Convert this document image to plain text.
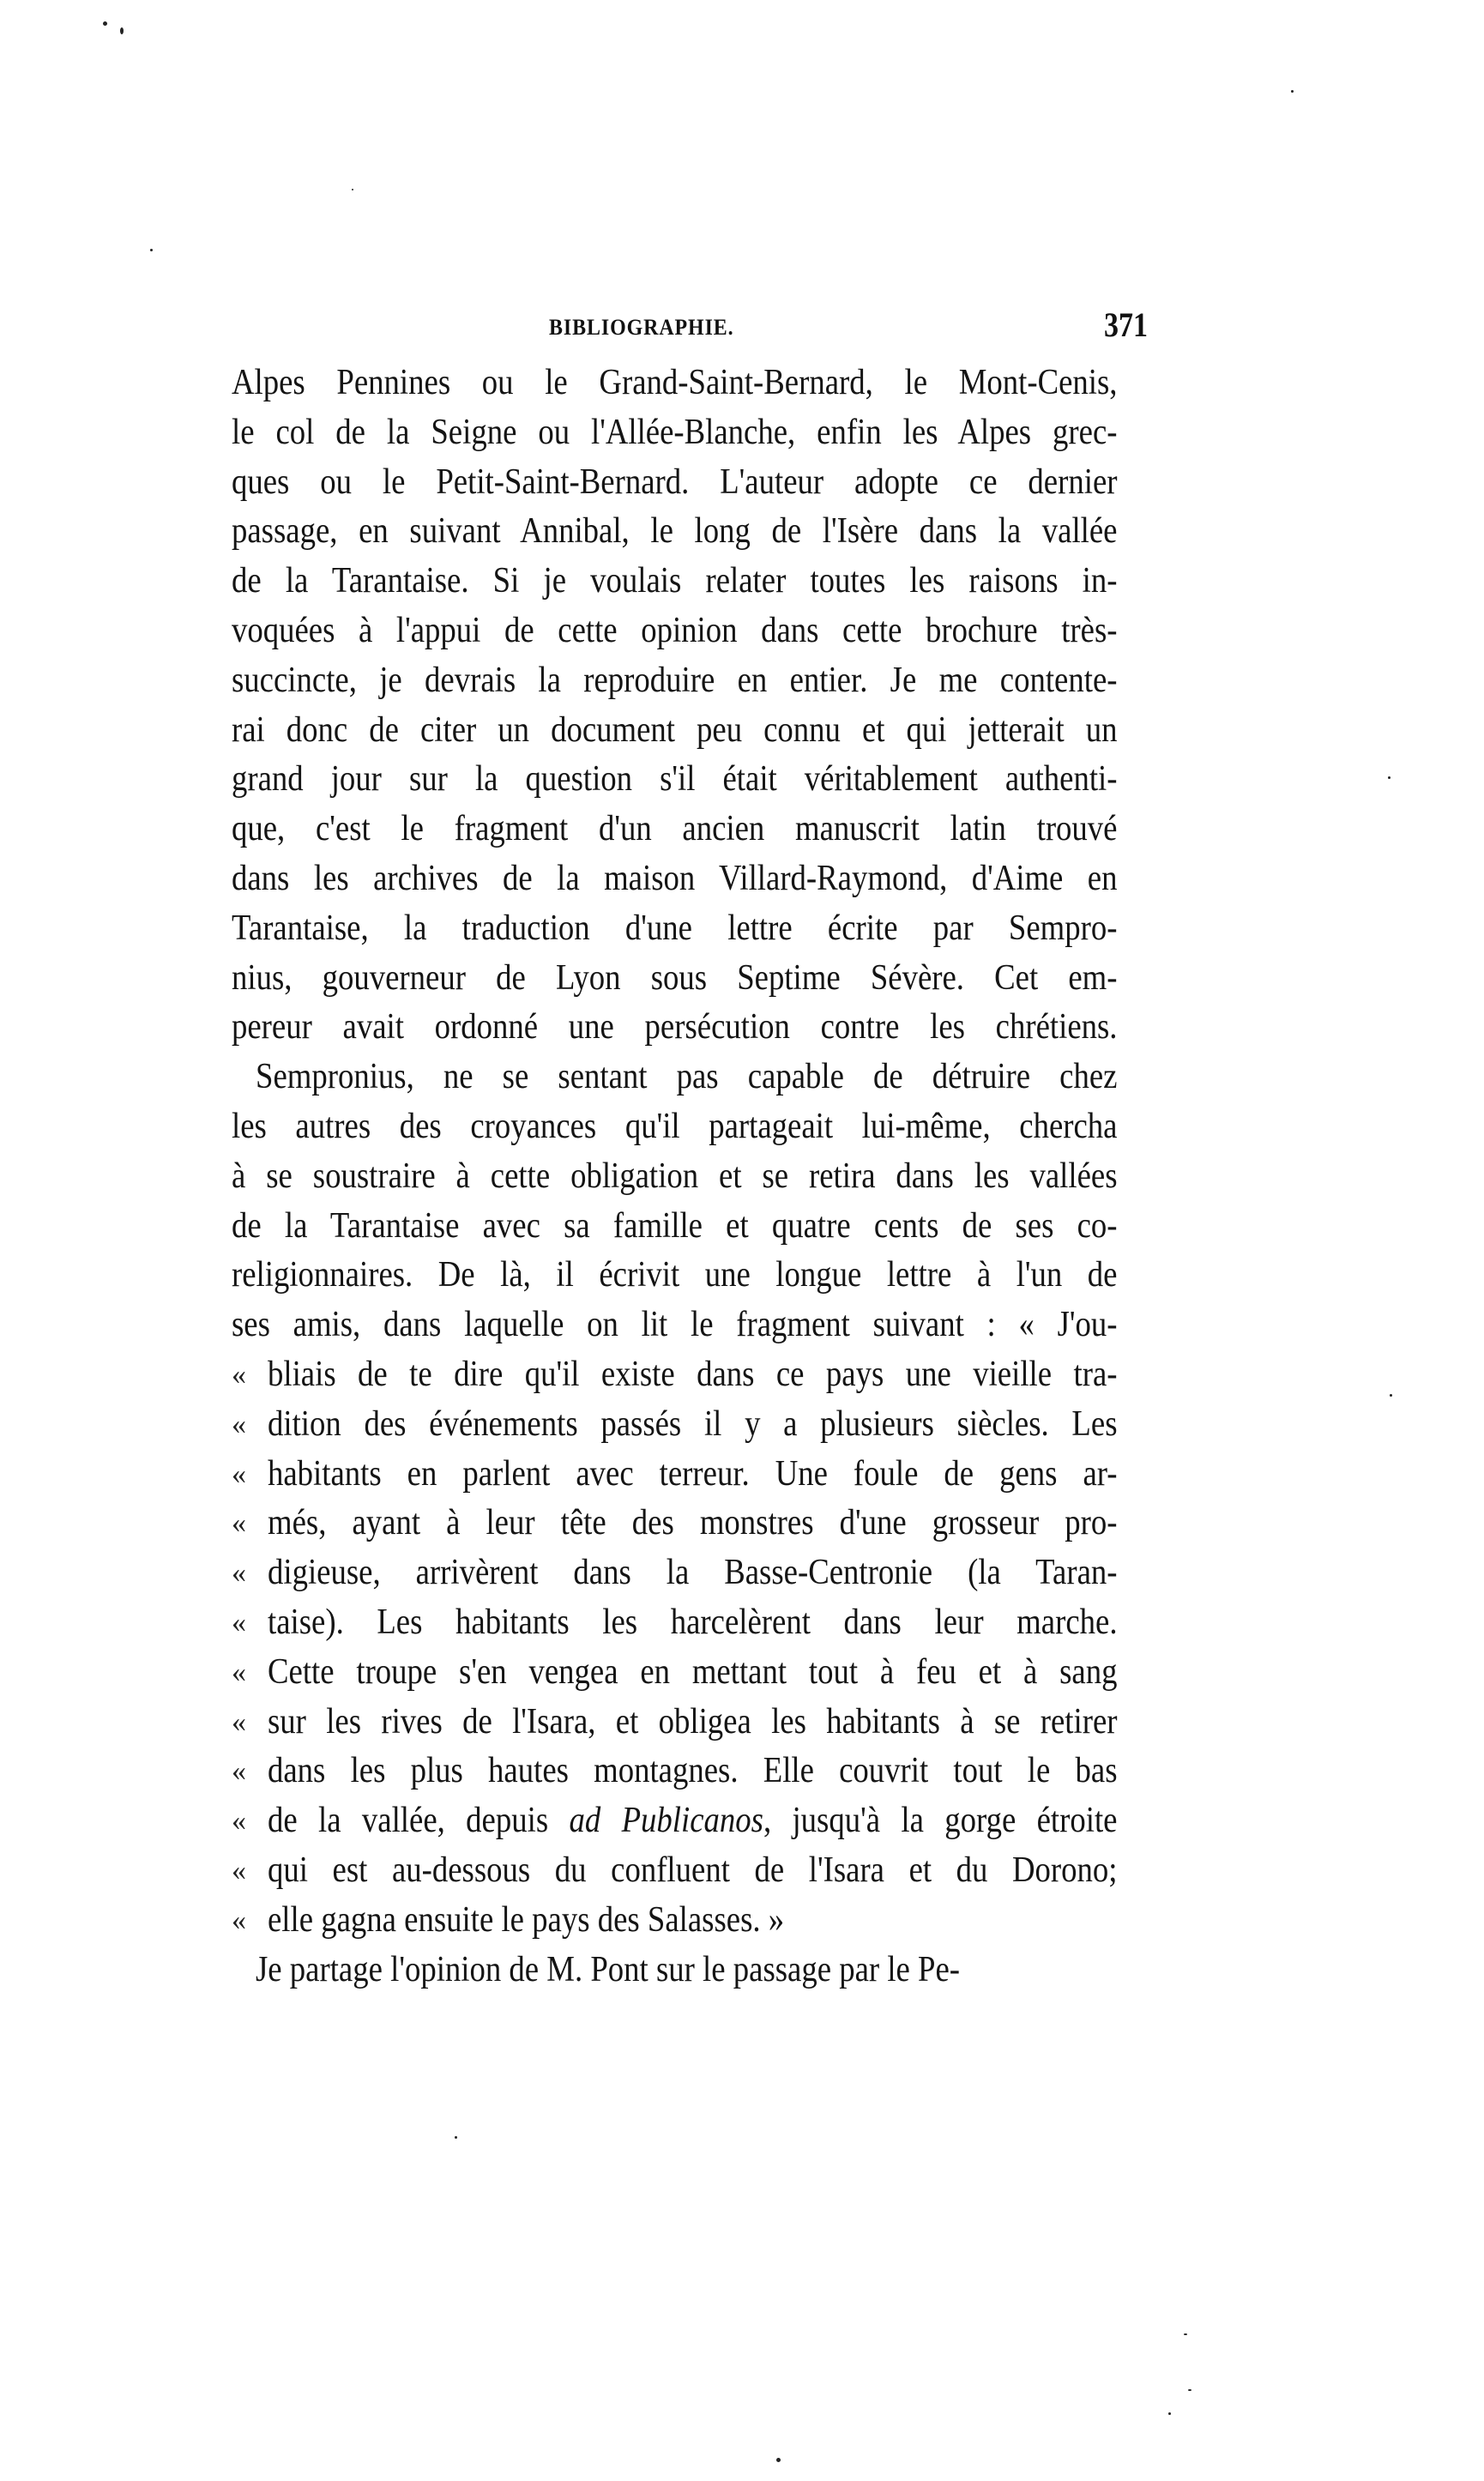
BIBLIOGRAPHIE.	371
Alpes Pennines ou le Grand-Saint-Bernard, le Mont-Cenis,
le col de la Seigne ou l'Allée-Blanche, enfin les Alpes grec-
ques ou le Petit-Saint-Bernard. L'auteur adopte ce dernier
passage, en suivant Annibal, le long de l'Isère dans la vallée
de la Tarantaise. Si je voulais relater toutes les raisons in-
voquées à l'appui de cette opinion dans cette brochure très-
succincte, je devrais la reproduire en entier. Je me contente-
rai donc de citer un document peu connu et qui jetterait un
grand jour sur la question s'il était véritablement authenti-
que, c'est le fragment d'un ancien manuscrit latin trouvé
dans les archives de la maison Villard-Raymond, d'Aime en
Tarantaise, la traduction d'une lettre écrite par Sempro-
nius, gouverneur de Lyon sous Septime Sévère. Cet em-
pereur avait ordonné une persécution contre les chrétiens.
Sempronius, ne se sentant pas capable de détruire chez
les autres des croyances qu'il partageait lui-même, chercha
à se soustraire à cette obligation et se retira dans les vallées
de la Tarantaise avec sa famille et quatre cents de ses co-
religionnaires. De là, il écrivit une longue lettre à l'un de
ses amis, dans laquelle on lit le fragment suivant : « J'ou-
« bliais de te dire qu'il existe dans ce pays une vieille tra-
« dition des événements passés il y a plusieurs siècles. Les
« habitants en parlent avec terreur. Une foule de gens ar-
« més, ayant à leur tête des monstres d'une grosseur pro-
« digieuse, arrivèrent dans la Basse-Centronie (la Taran-
« taise). Les habitants les harcelèrent dans leur marche.
« Cette troupe s'en vengea en mettant tout à feu et à sang
« sur les rives de l'Isara, et obligea les habitants à se retirer
« dans les plus hautes montagnes. Elle couvrit tout le bas
« de la vallée, depuis ad Publicanos, jusqu'à la gorge étroite
« qui est au-dessous du confluent de l'Isara et du Dorono;
« elle gagna ensuite le pays des Salasses. »
Je partage l'opinion de M. Pont sur le passage par le Pe-
